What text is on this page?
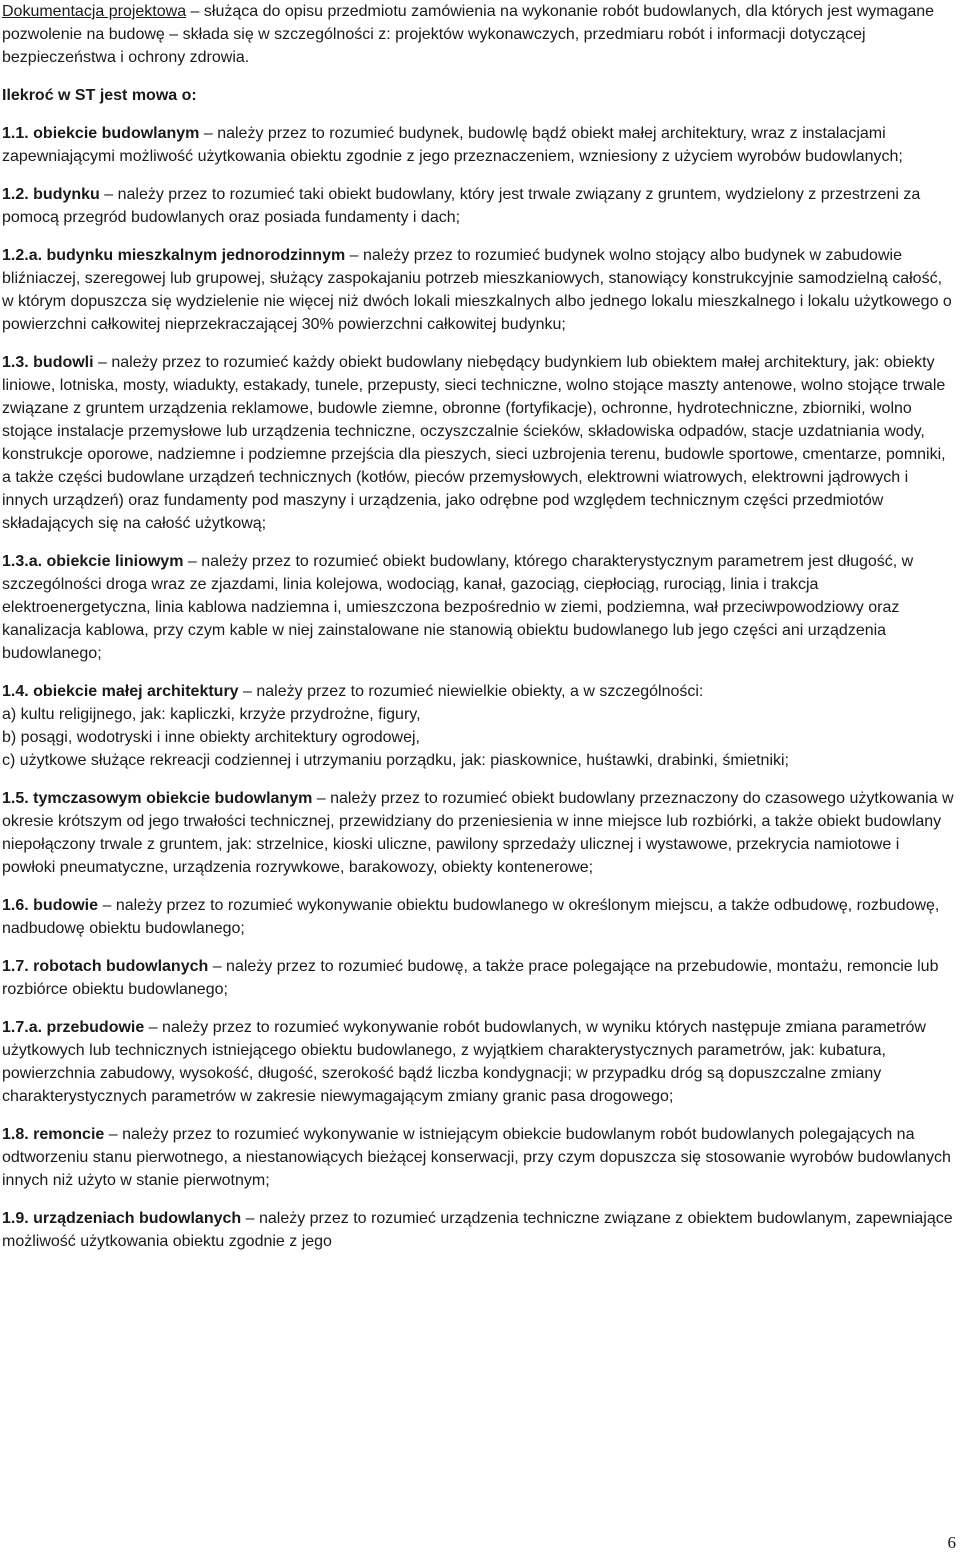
Dokumentacja projektowa – służąca do opisu przedmiotu zamówienia na wykonanie robót budowlanych, dla których jest wymagane pozwolenie na budowę – składa się w szczególności z: projektów wykonawczych, przedmiaru robót i informacji dotyczącej bezpieczeństwa i ochrony zdrowia.

Ilekroć w ST jest mowa o:

1.1. obiekcie budowlanym – należy przez to rozumieć budynek, budowlę bądź obiekt małej architektury, wraz z instalacjami zapewniającymi możliwość użytkowania obiektu zgodnie z jego przeznaczeniem, wzniesiony z użyciem wyrobów budowlanych;

1.2. budynku – należy przez to rozumieć taki obiekt budowlany, który jest trwale związany z gruntem, wydzielony z przestrzeni za pomocą przegród budowlanych oraz posiada fundamenty i dach;

1.2.a. budynku mieszkalnym jednorodzinnym – należy przez to rozumieć budynek wolno stojący albo budynek w zabudowie bliźniaczej, szeregowej lub grupowej, służący zaspokajaniu potrzeb mieszkaniowych, stanowiący konstrukcyjnie samodzielną całość, w którym dopuszcza się wydzielenie nie więcej niż dwóch lokali mieszkalnych albo jednego lokalu mieszkalnego i lokalu użytkowego o powierzchni całkowitej nieprzekraczającej 30% powierzchni całkowitej budynku;

1.3. budowli – należy przez to rozumieć każdy obiekt budowlany niebędący budynkiem lub obiektem małej architektury, jak: obiekty liniowe, lotniska, mosty, wiadukty, estakady, tunele, przepusty, sieci techniczne, wolno stojące maszty antenowe, wolno stojące trwale związane z gruntem urządzenia reklamowe, budowle ziemne, obronne (fortyfikacje), ochronne, hydrotechniczne, zbiorniki, wolno stojące instalacje przemysłowe lub urządzenia techniczne, oczyszczalnie ścieków, składowiska odpadów, stacje uzdatniania wody, konstrukcje oporowe, nadziemne i podziemne przejścia dla pieszych, sieci uzbrojenia terenu, budowle sportowe, cmentarze, pomniki, a także części budowlane urządzeń technicznych (kotłów, pieców przemysłowych, elektrowni wiatrowych, elektrowni jądrowych i innych urządzeń) oraz fundamenty pod maszyny i urządzenia, jako odrębne pod względem technicznym części przedmiotów składających się na całość użytkową;

1.3.a. obiekcie liniowym – należy przez to rozumieć obiekt budowlany, którego charakterystycznym parametrem jest długość, w szczególności droga wraz ze zjazdami, linia kolejowa, wodociąg, kanał, gazociąg, ciepłociąg, rurociąg, linia i trakcja elektroenergetyczna, linia kablowa nadziemna i, umieszczona bezpośrednio w ziemi, podziemna, wał przeciwpowodziowy oraz kanalizacja kablowa, przy czym kable w niej zainstalowane nie stanowią obiektu budowlanego lub jego części ani urządzenia budowlanego;

1.4. obiekcie małej architektury – należy przez to rozumieć niewielkie obiekty, a w szczególności:

a) kultu religijnego, jak: kapliczki, krzyże przydrożne, figury,

b) posągi, wodotryski i inne obiekty architektury ogrodowej,

c) użytkowe służące rekreacji codziennej i utrzymaniu porządku, jak: piaskownice, huśtawki, drabinki, śmietniki;

1.5. tymczasowym obiekcie budowlanym – należy przez to rozumieć obiekt budowlany przeznaczony do czasowego użytkowania w okresie krótszym od jego trwałości technicznej, przewidziany do przeniesienia w inne miejsce lub rozbiórki, a także obiekt budowlany niepołączony trwale z gruntem, jak: strzelnice, kioski uliczne, pawilony sprzedaży ulicznej i wystawowe, przekrycia namiotowe i powłoki pneumatyczne, urządzenia rozrywkowe, barakowozy, obiekty kontenerowe;

1.6. budowie – należy przez to rozumieć wykonywanie obiektu budowlanego w określonym miejscu, a także odbudowę, rozbudowę, nadbudowę obiektu budowlanego;

1.7. robotach budowlanych – należy przez to rozumieć budowę, a także prace polegające na przebudowie, montażu, remoncie lub rozbiórce obiektu budowlanego;

1.7.a. przebudowie – należy przez to rozumieć wykonywanie robót budowlanych, w wyniku których następuje zmiana parametrów użytkowych lub technicznych istniejącego obiektu budowlanego, z wyjątkiem charakterystycznych parametrów, jak: kubatura, powierzchnia zabudowy, wysokość, długość, szerokość bądź liczba kondygnacji; w przypadku dróg są dopuszczalne zmiany charakterystycznych parametrów w zakresie niewymagającym zmiany granic pasa drogowego;

1.8. remoncie – należy przez to rozumieć wykonywanie w istniejącym obiekcie budowlanym robót budowlanych polegających na odtworzeniu stanu pierwotnego, a niestanowiących bieżącej konserwacji, przy czym dopuszcza się stosowanie wyrobów budowlanych innych niż użyto w stanie pierwotnym;

1.9. urządzeniach budowlanych – należy przez to rozumieć urządzenia techniczne związane z obiektem budowlanym, zapewniające możliwość użytkowania obiektu zgodnie z jego

6
